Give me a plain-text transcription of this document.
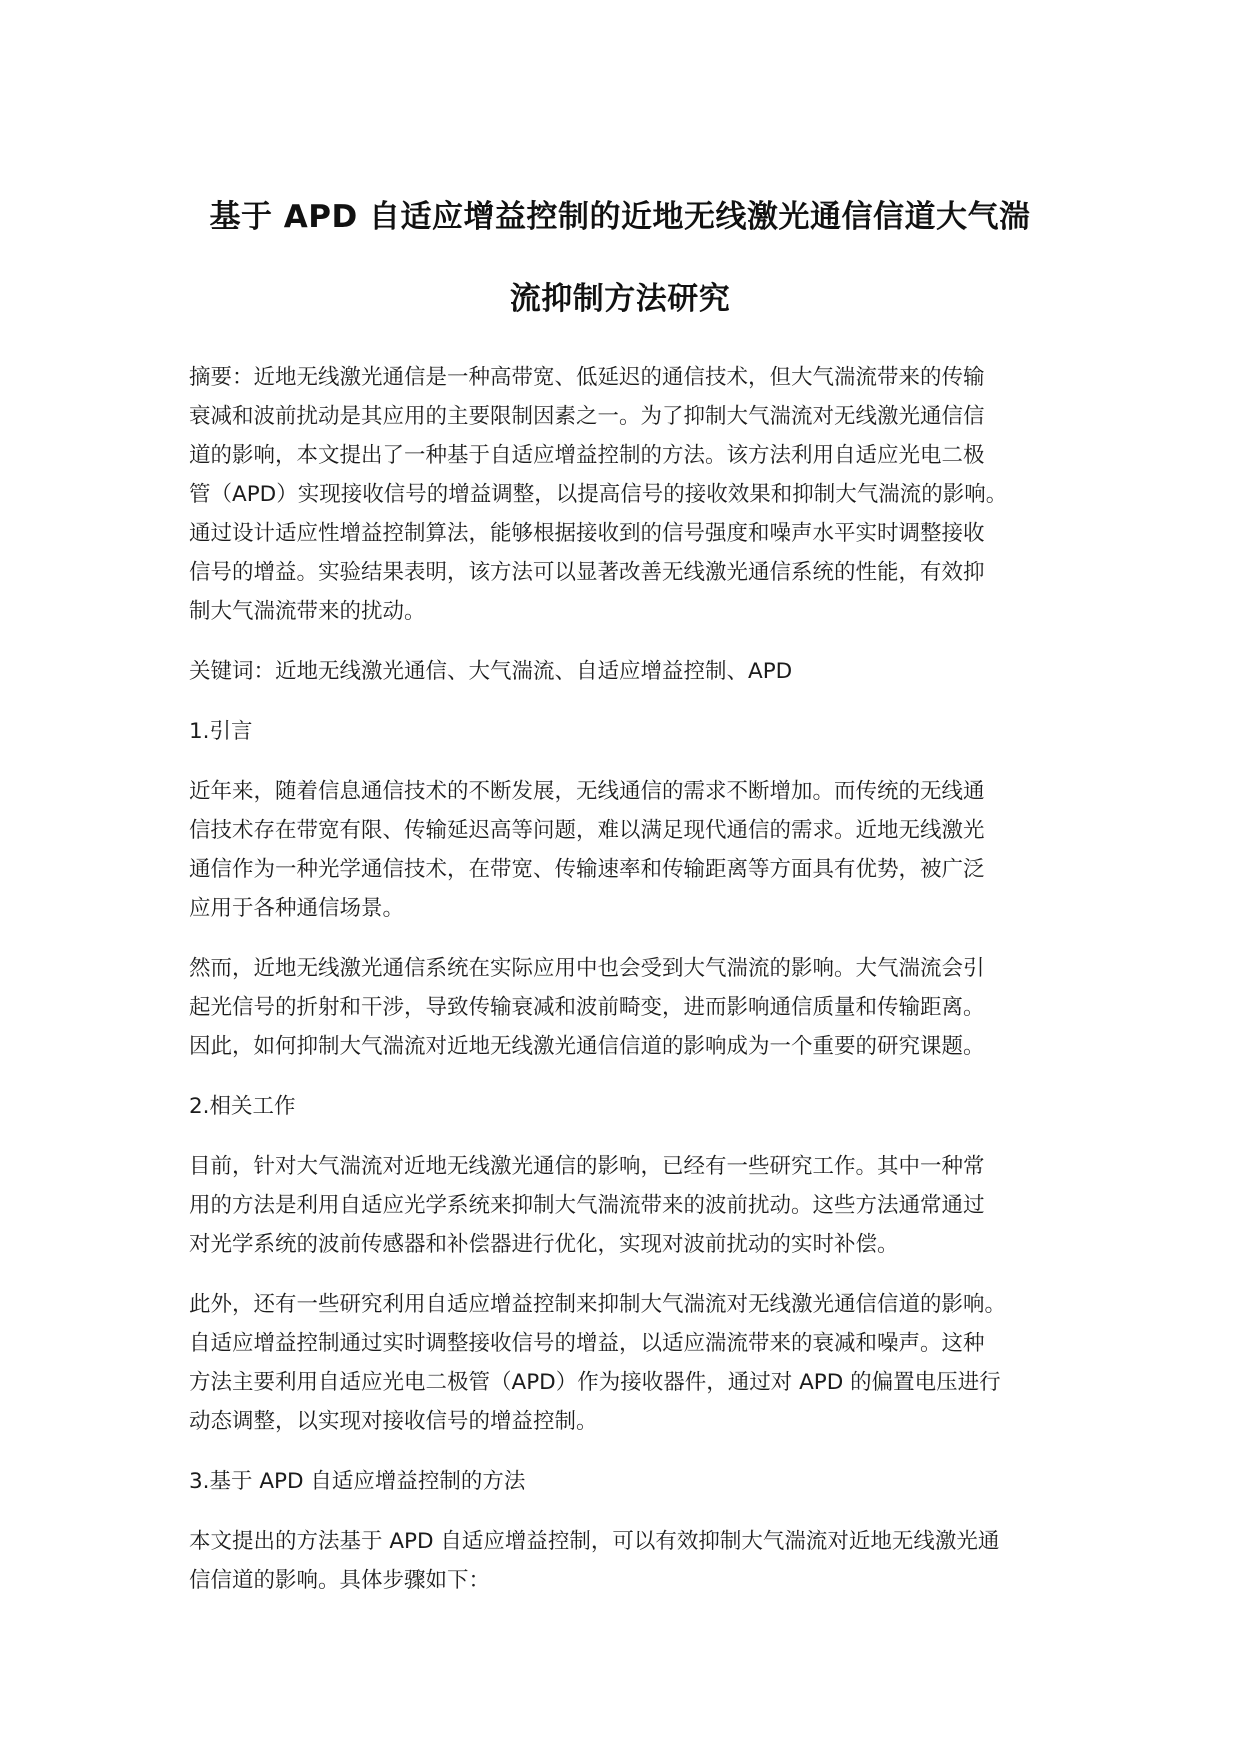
基于 APD 自适应增益控制的近地无线激光通信信道大气湍
流抑制方法研究
摘要：近地无线激光通信是一种高带宽、低延迟的通信技术，但大气湍流带来的传输
衰减和波前扰动是其应用的主要限制因素之一。为了抑制大气湍流对无线激光通信信
道的影响，本文提出了一种基于自适应增益控制的方法。该方法利用自适应光电二极
管（APD）实现接收信号的增益调整，以提高信号的接收效果和抑制大气湍流的影响。
通过设计适应性增益控制算法，能够根据接收到的信号强度和噪声水平实时调整接收
信号的增益。实验结果表明，该方法可以显著改善无线激光通信系统的性能，有效抑
制大气湍流带来的扰动。
关键词：近地无线激光通信、大气湍流、自适应增益控制、APD
1.引言
近年来，随着信息通信技术的不断发展，无线通信的需求不断增加。而传统的无线通
信技术存在带宽有限、传输延迟高等问题，难以满足现代通信的需求。近地无线激光
通信作为一种光学通信技术，在带宽、传输速率和传输距离等方面具有优势，被广泛
应用于各种通信场景。
然而，近地无线激光通信系统在实际应用中也会受到大气湍流的影响。大气湍流会引
起光信号的折射和干涉，导致传输衰减和波前畸变，进而影响通信质量和传输距离。
因此，如何抑制大气湍流对近地无线激光通信信道的影响成为一个重要的研究课题。
2.相关工作
目前，针对大气湍流对近地无线激光通信的影响，已经有一些研究工作。其中一种常
用的方法是利用自适应光学系统来抑制大气湍流带来的波前扰动。这些方法通常通过
对光学系统的波前传感器和补偿器进行优化，实现对波前扰动的实时补偿。
此外，还有一些研究利用自适应增益控制来抑制大气湍流对无线激光通信信道的影响。
自适应增益控制通过实时调整接收信号的增益，以适应湍流带来的衰减和噪声。这种
方法主要利用自适应光电二极管（APD）作为接收器件，通过对 APD 的偏置电压进行
动态调整，以实现对接收信号的增益控制。
3.基于 APD 自适应增益控制的方法
本文提出的方法基于 APD 自适应增益控制，可以有效抑制大气湍流对近地无线激光通
信信道的影响。具体步骤如下：
